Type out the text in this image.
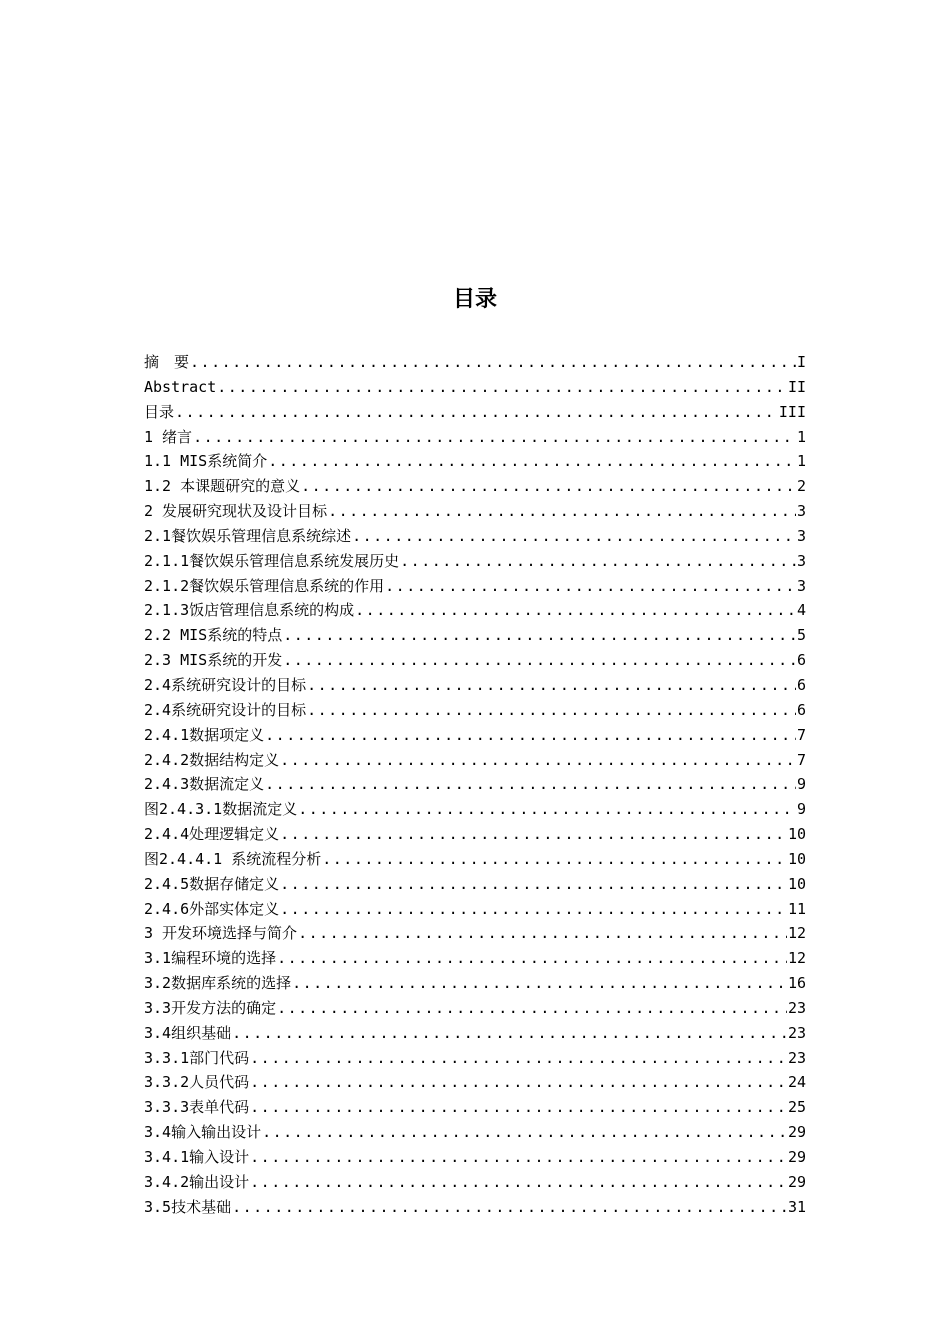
目录
摘　要 .....	I
Abstract .....	II
目录 .....	III
1 绪言 .....	1
1.1 MIS系统简介 .....	1
1.2 本课题研究的意义 .....	2
2 发展研究现状及设计目标 .....	3
2.1餐饮娱乐管理信息系统综述 .....	3
2.1.1餐饮娱乐管理信息系统发展历史 .....	3
2.1.2餐饮娱乐管理信息系统的作用 .....	3
2.1.3饭店管理信息系统的构成 .....	4
2.2 MIS系统的特点 .....	5
2.3 MIS系统的开发 .....	6
2.4系统研究设计的目标 .....	6
2.4系统研究设计的目标 .....	6
2.4.1数据项定义 .....	7
2.4.2数据结构定义 .....	7
2.4.3数据流定义 .....	9
图2.4.3.1数据流定义 .....	9
2.4.4处理逻辑定义 .....	10
图2.4.4.1 系统流程分析 .....	10
2.4.5数据存储定义 .....	10
2.4.6外部实体定义 .....	11
3 开发环境选择与简介 .....	12
3.1编程环境的选择 .....	12
3.2数据库系统的选择 .....	16
3.3开发方法的确定 .....	23
3.4组织基础 .....	23
3.3.1部门代码 .....	23
3.3.2人员代码 .....	24
3.3.3表单代码 .....	25
3.4输入输出设计 .....	29
3.4.1输入设计 .....	29
3.4.2输出设计 .....	29
3.5技术基础 .....	31
